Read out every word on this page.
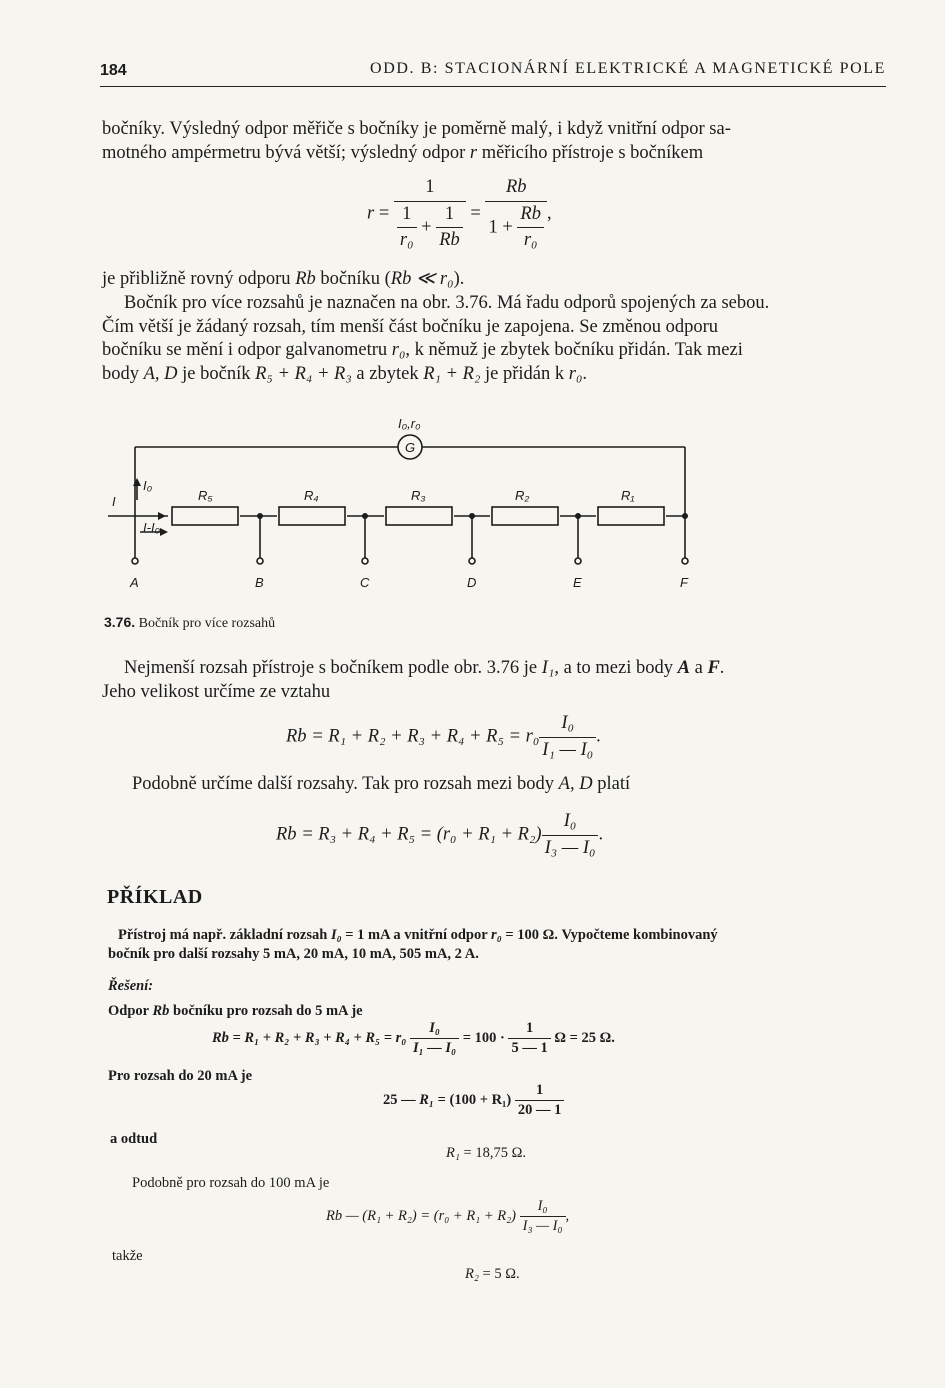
184	ODD. B: STACIONÁRNÍ ELEKTRICKÉ A MAGNETICKÉ POLE
bočníky. Výsledný odpor měřiče s bočníky je poměrně malý, i když vnitřní odpor sa-
motného ampérmetru bývá větší; výsledný odpor r měřicího přístroje s bočníkem
$r = \frac{1}{\frac{1}{\text{r₀}} + \frac{1}{Rb}} = \frac{Rb}{1 + \frac{Rb}{\text{r₀}}}$ ,
je přibližně rovný odporu Rb bočníku (Rb ≪ r₀).
Bočník pro více rozsahů je naznačen na obr. 3.76. Má řadu odporů spojených za sebou.
Čím větší je žádaný rozsah, tím menší část bočníku je zapojena. Se změnou odporu
bočníku se mění i odpor galvanometru r₀, k němuž je zbytek bočníku přidán. Tak mezi
body A, D je bočník R₅ + R₄ + R₃ a zbytek R₁ + R₂ je přidán k r₀.
I₀,r₀
G
I
I₀
I-I₀
R₅	R₄	R₃	R₂	R₁
A	B	C	D	E	F
3.76. Bočník pro více rozsahů
Nejmenší rozsah přístroje s bočníkem podle obr. 3.76 je I₁, a to mezi body A a F.
Jeho velikost určíme ze vztahu
$Rb = R_1 + R_2 + R_3 + R_4 + R_5 = r_0 \frac{\text{I₀}}{\text{I₁ — I₀}}$ .
Podobně určíme další rozsahy. Tak pro rozsah mezi body A, D platí
$Rb = R_3 + R_4 + R_5 = (r_0 + R_1 + R_2) \frac{\text{I₀}}{\text{I₃ — I₀}}$ .
PŘÍKLAD
Přístroj má např. základní rozsah I₀ = 1 mA a vnitřní odpor r₀ = 100 Ω. Vypočteme kombinovaný
bočník pro další rozsahy 5 mA, 20 mA, 10 mA, 505 mA, 2 A.
Řešení:
Odpor Rb bočníku pro rozsah do 5 mA je
$Rb = R_1 + R_2 + R_3 + R_4 + R_5 = r_0 \frac{\text{I₀}}{\text{I₁ — I₀}} = 100 \cdot \frac{1}{5 — 1}$ Ω = 25 Ω.
Pro rozsah do 20 mA je
25 — $R_1 = (100 + R_1) \frac{1}{20 — 1}$
a odtud
R₁ = 18,75 Ω.
Podobně pro rozsah do 100 mA je
Rb — $(R_1 + R_2) = (r_0 + R_1 + R_2) \frac{\text{I₀}}{\text{I₃ — I₀}}$ ,
takže
R₂ = 5 Ω.
